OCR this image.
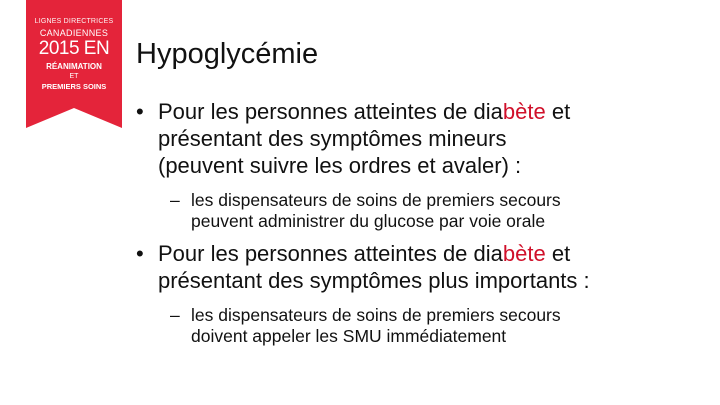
LIGNES DIRECTRICES
CANADIENNES
2015 EN
RÉANIMATION
ET
PREMIERS SOINS
Hypoglycémie
• Pour les personnes atteintes de diabète et
présentant des symptômes mineurs
(peuvent suivre les ordres et avaler) :
– les dispensateurs de soins de premiers secours
peuvent administrer du glucose par voie orale
• Pour les personnes atteintes de diabète et
présentant des symptômes plus importants :
– les dispensateurs de soins de premiers secours
doivent appeler les SMU immédiatement
